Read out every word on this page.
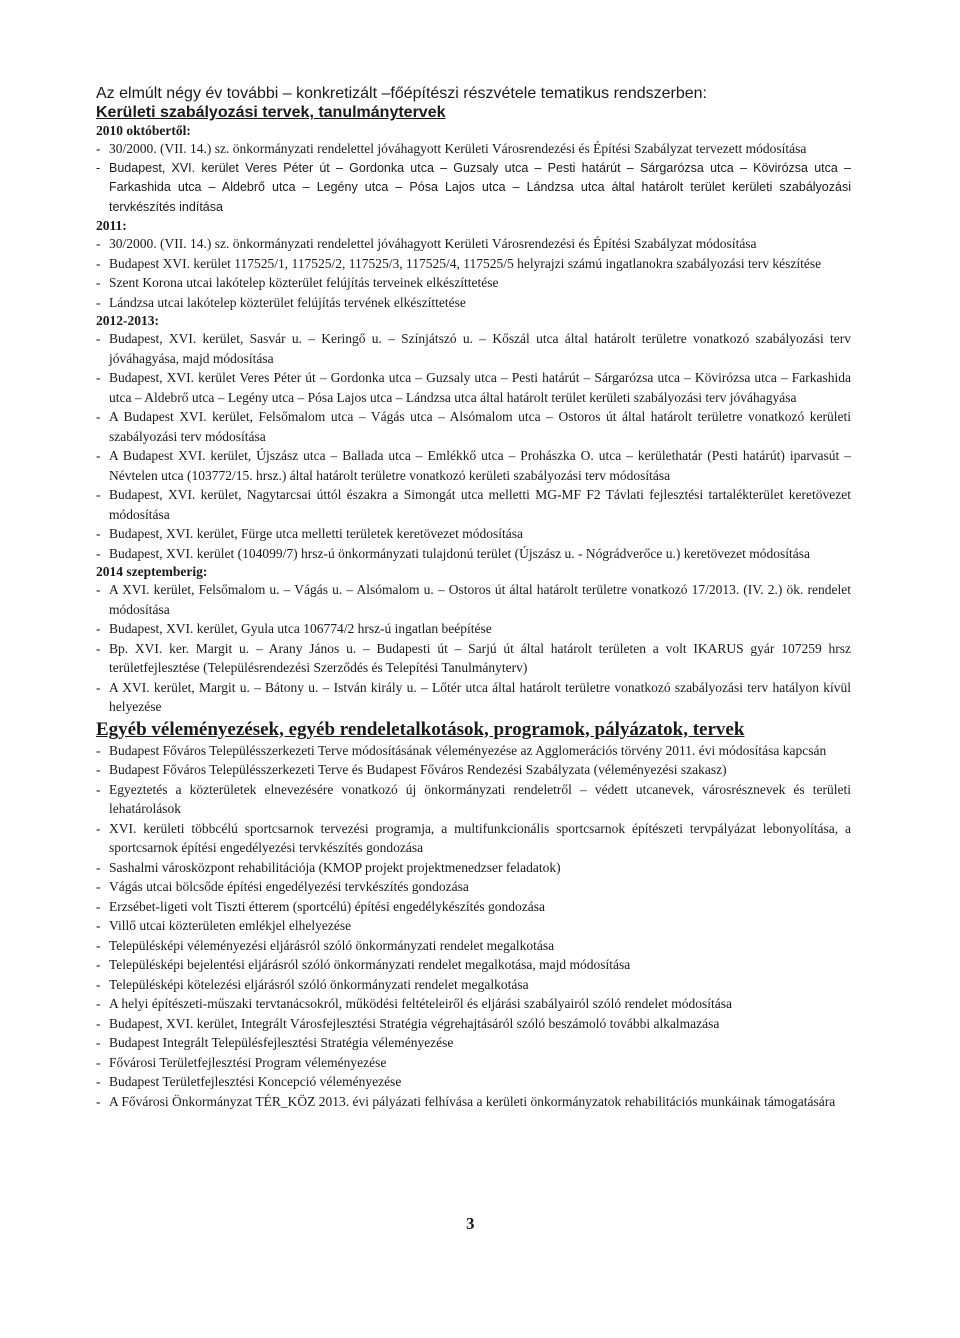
Az elmúlt négy év további – konkretizált –főépítészi részvétele tematikus rendszerben:

Kerületi szabályozási tervek, tanulmánytervek

2010 októbertől:

- 30/2000. (VII. 14.) sz. önkormányzati rendelettel jóváhagyott Kerületi Városrendezési és Építési Szabályzat tervezett módosítása
- Budapest, XVI. kerület Veres Péter út – Gordonka utca – Guzsaly utca – Pesti határút – Sárgarózsa utca – Kövirózsa utca – Farkashida utca – Aldebrő utca – Legény utca – Pósa Lajos utca – Lándzsa utca által határolt terület kerületi szabályozási tervkészítés indítása

2011:

- 30/2000. (VII. 14.) sz. önkormányzati rendelettel jóváhagyott Kerületi Városrendezési és Építési Szabályzat módosítása
- Budapest XVI. kerület 117525/1, 117525/2, 117525/3, 117525/4, 117525/5 helyrajzi számú ingatlanokra szabályozási terv készítése
- Szent Korona utcai lakótelep közterület felújítás terveinek elkészíttetése
- Lándzsa utcai lakótelep közterület felújítás tervének elkészíttetése

2012-2013:

- Budapest, XVI. kerület, Sasvár u. – Keringő u. – Színjátszó u. – Kőszál utca által határolt területre vonatkozó szabályozási terv jóváhagyása, majd módosítása
- Budapest, XVI. kerület Veres Péter út – Gordonka utca – Guzsaly utca – Pesti határút – Sárgarózsa utca – Kövirózsa utca – Farkashida utca – Aldebrő utca – Legény utca – Pósa Lajos utca – Lándzsa utca által határolt terület kerületi szabályozási terv jóváhagyása
- A Budapest XVI. kerület, Felsőmalom utca – Vágás utca – Alsómalom utca – Ostoros út által határolt területre vonatkozó kerületi szabályozási terv módosítása
- A Budapest XVI. kerület, Újszász utca – Ballada utca – Emlékkő utca – Prohászka O. utca – kerülethatár (Pesti határút) iparvasút – Névtelen utca (103772/15. hrsz.) által határolt területre vonatkozó kerületi szabályozási terv módosítása
- Budapest, XVI. kerület, Nagytarcsai úttól északra a Simongát utca melletti MG-MF F2 Távlati fejlesztési tartalékterület keretövezet módosítása
- Budapest, XVI. kerület, Fürge utca melletti területek keretövezet módosítása
- Budapest, XVI. kerület (104099/7) hrsz-ú önkormányzati tulajdonú terület (Újszász u. - Nógrádverőce u.) keretövezet módosítása

2014 szeptemberig:

- A XVI. kerület, Felsőmalom u. – Vágás u. – Alsómalom u. – Ostoros út által határolt területre vonatkozó 17/2013. (IV. 2.) ök. rendelet módosítása
- Budapest, XVI. kerület, Gyula utca 106774/2 hrsz-ú ingatlan beépítése
- Bp. XVI. ker. Margit u. – Arany János u. – Budapesti út – Sarjú út által határolt területen a volt IKARUS gyár 107259 hrsz területfejlesztése (Településrendezési Szerződés és Telepítési Tanulmányterv)
- A XVI. kerület, Margit u. – Bátony u. – István király u. – Lőtér utca által határolt területre vonatkozó szabályozási terv hatályon kívül helyezése

Egyéb véleményezések, egyéb rendeletalkotások, programok, pályázatok, tervek

- Budapest Főváros Településszerkezeti Terve módosításának véleményezése az Agglomerációs törvény 2011. évi módosítása kapcsán
- Budapest Főváros Településszerkezeti Terve és Budapest Főváros Rendezési Szabályzata (véleményezési szakasz)
- Egyeztetés a közterületek elnevezésére vonatkozó új önkormányzati rendeletről – védett utcanevek, városrésznevek és területi lehatárolások
- XVI. kerületi többcélú sportcsarnok tervezési programja, a multifunkcionális sportcsarnok építészeti tervpályázat lebonyolítása, a sportcsarnok építési engedélyezési tervkészítés gondozása
- Sashalmi városközpont rehabilitációja (KMOP projekt projektmenedzser feladatok)
- Vágás utcai bölcsőde építési engedélyezési tervkészítés gondozása
- Erzsébet-ligeti volt Tiszti étterem (sportcélú) építési engedélykészítés gondozása
- Villő utcai közterületen emlékjel elhelyezése
- Településképi véleményezési eljárásról szóló önkormányzati rendelet megalkotása
- Településképi bejelentési eljárásról szóló önkormányzati rendelet megalkotása, majd módosítása
- Településképi kötelezési eljárásról szóló önkormányzati rendelet megalkotása
- A helyi építészeti-műszaki tervtanácsokról, működési feltételeiről és eljárási szabályairól szóló rendelet módosítása
- Budapest, XVI. kerület, Integrált Városfejlesztési Stratégia végrehajtásáról szóló beszámoló további alkalmazása
- Budapest Integrált Településfejlesztési Stratégia véleményezése
- Fővárosi Területfejlesztési Program véleményezése
- Budapest Területfejlesztési Koncepció véleményezése
- A Fővárosi Önkormányzat TÉR_KÖZ 2013. évi pályázati felhívása a kerületi önkormányzatok rehabilitációs munkáinak támogatására
3
